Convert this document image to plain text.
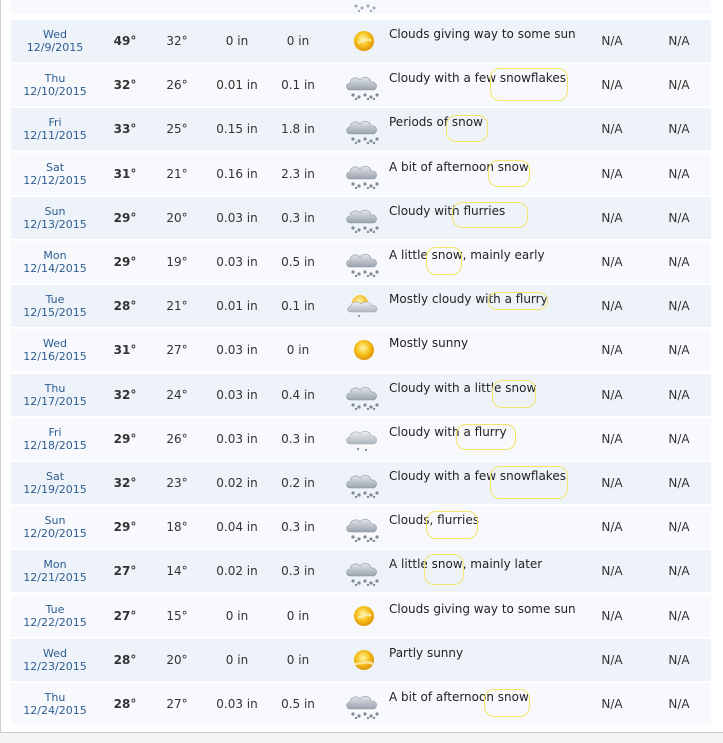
Wed
12/9/2015	49°	32°	0 in	0 in	Clouds giving way to some sun	N/A	N/A
Thu
12/10/2015	32°	26°	0.01 in	0.1 in	Cloudy with a few snowflakes	N/A	N/A
Fri
12/11/2015	33°	25°	0.15 in	1.8 in	Periods of snow	N/A	N/A
Sat
12/12/2015	31°	21°	0.16 in	2.3 in	A bit of afternoon snow	N/A	N/A
Sun
12/13/2015	29°	20°	0.03 in	0.3 in	Cloudy with flurries	N/A	N/A
Mon
12/14/2015	29°	19°	0.03 in	0.5 in	A little snow, mainly early	N/A	N/A
Tue
12/15/2015	28°	21°	0.01 in	0.1 in	Mostly cloudy with a flurry	N/A	N/A
Wed
12/16/2015	31°	27°	0.03 in	0 in	Mostly sunny	N/A	N/A
Thu
12/17/2015	32°	24°	0.03 in	0.4 in	Cloudy with a little snow	N/A	N/A
Fri
12/18/2015	29°	26°	0.03 in	0.3 in	Cloudy with a flurry	N/A	N/A
Sat
12/19/2015	32°	23°	0.02 in	0.2 in	Cloudy with a few snowflakes	N/A	N/A
Sun
12/20/2015	29°	18°	0.04 in	0.3 in	Clouds, flurries	N/A	N/A
Mon
12/21/2015	27°	14°	0.02 in	0.3 in	A little snow, mainly later	N/A	N/A
Tue
12/22/2015	27°	15°	0 in	0 in	Clouds giving way to some sun	N/A	N/A
Wed
12/23/2015	28°	20°	0 in	0 in	Partly sunny	N/A	N/A
Thu
12/24/2015	28°	27°	0.03 in	0.5 in	A bit of afternoon snow	N/A	N/A
